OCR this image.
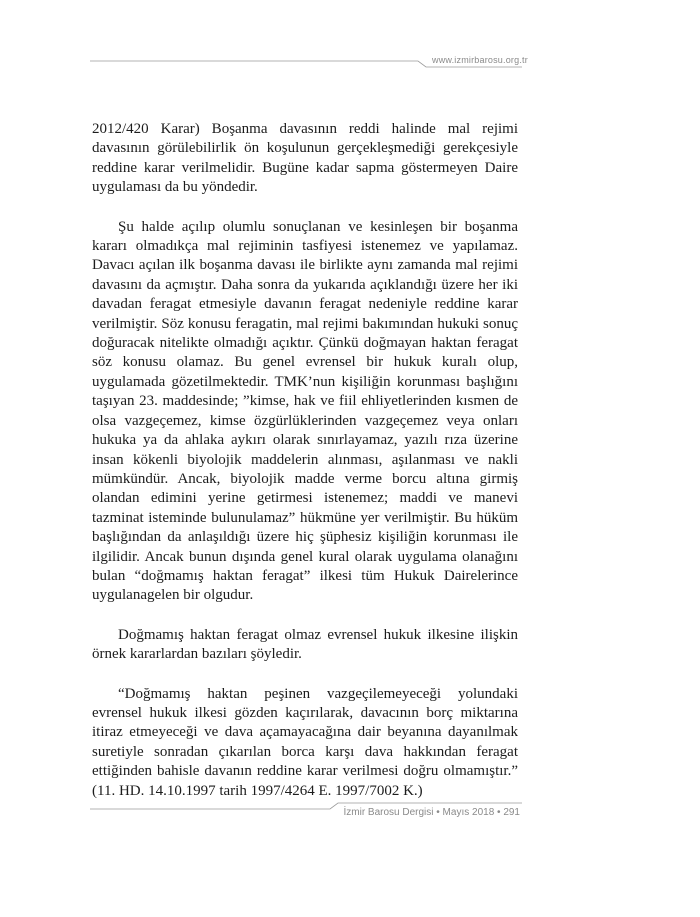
www.izmirbarosu.org.tr

2012/420 Karar) Boşanma davasının reddi halinde mal rejimi davasının görülebilirlik ön koşulunun gerçekleşmediği gerekçesiyle reddine karar verilmelidir. Bugüne kadar sapma göstermeyen Daire uygulaması da bu yöndedir.

Şu halde açılıp olumlu sonuçlanan ve kesinleşen bir boşanma kararı olmadıkça mal rejiminin tasfiyesi istenemez ve yapılamaz. Davacı açılan ilk boşanma davası ile birlikte aynı zamanda mal rejimi davasını da açmıştır. Daha sonra da yukarıda açıklandığı üzere her iki davadan feragat etmesiyle davanın feragat nedeniyle reddine karar verilmiştir. Söz konusu feragatin, mal rejimi bakımından hukuki sonuç doğuracak nitelikte olmadığı açıktır. Çünkü doğmayan haktan feragat söz konusu olamaz. Bu genel evrensel bir hukuk kuralı olup, uygulamada gözetilmektedir. TMK’nun kişiliğin korunması başlığını taşıyan 23. maddesinde; ”kimse, hak ve fiil ehliyetlerinden kısmen de olsa vazgeçemez, kimse özgürlüklerinden vazgeçemez veya onları hukuka ya da ahlaka aykırı olarak sınırlayamaz, yazılı rıza üzerine insan kökenli biyolojik maddelerin alınması, aşılanması ve nakli mümkündür. Ancak, biyolojik madde verme borcu altına girmiş olandan edimini yerine getirmesi istenemez; maddi ve manevi tazminat isteminde bulunulamaz” hükmüne yer verilmiştir. Bu hüküm başlığından da anlaşıldığı üzere hiç şüphesiz kişiliğin korunması ile ilgilidir. Ancak bunun dışında genel kural olarak uygulama olanağını bulan “doğmamış haktan feragat” ilkesi tüm Hukuk Dairelerince uygulanagelen bir olgudur.

Doğmamış haktan feragat olmaz evrensel hukuk ilkesine ilişkin örnek kararlardan bazıları şöyledir.

“Doğmamış haktan peşinen vazgeçilemeyeceği yolundaki evrensel hukuk ilkesi gözden kaçırılarak, davacının borç miktarına itiraz etmeyeceği ve dava açamayacağına dair beyanına dayanılmak suretiyle sonradan çıkarılan borca karşı dava hakkından feragat ettiğinden bahisle davanın reddine karar verilmesi doğru olmamıştır.” (11. HD. 14.10.1997 tarih 1997/4264 E. 1997/7002 K.)

İzmir Barosu Dergisi • Mayıs 2018 • 291
